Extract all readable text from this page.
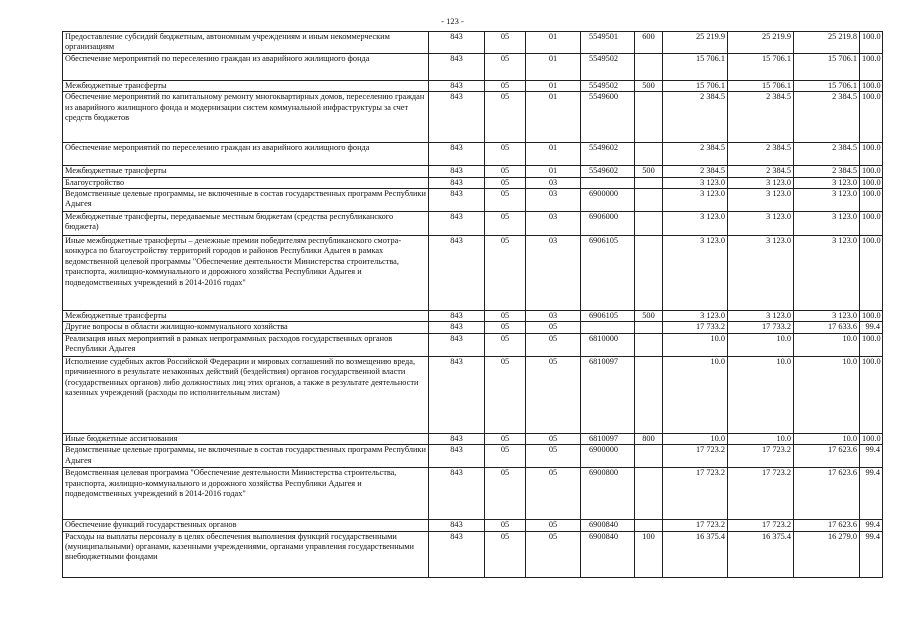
- 123 -
Предоставление субсидий бюджетным, автономным учреждениям и иным некоммерческим организациям	843	05	01	5549501	600	25 219.9	25 219.9	25 219.8	100.0
Обеспечение мероприятий по переселению граждан из аварийного жилищного фонда	843	05	01	5549502		15 706.1	15 706.1	15 706.1	100.0
Межбюджетные трансферты	843	05	01	5549502	500	15 706.1	15 706.1	15 706.1	100.0
Обеспечение мероприятий по капитальному ремонту многоквартирных домов, переселению граждан из аварийного жилищного фонда и модернизации систем коммунальной инфраструктуры за счет средств бюджетов	843	05	01	5549600		2 384.5	2 384.5	2 384.5	100.0
Обеспечение мероприятий по переселению граждан из аварийного жилищного фонда	843	05	01	5549602		2 384.5	2 384.5	2 384.5	100.0
Межбюджетные трансферты	843	05	01	5549602	500	2 384.5	2 384.5	2 384.5	100.0
Благоустройство	843	05	03			3 123.0	3 123.0	3 123.0	100.0
Ведомственные целевые программы, не включенные в состав государственных программ Республики Адыгея	843	05	03	6900000		3 123.0	3 123.0	3 123.0	100.0
Межбюджетные трансферты, передаваемые местным бюджетам (средства республиканского бюджета)	843	05	03	6906000		3 123.0	3 123.0	3 123.0	100.0
Иные межбюджетные трансферты – денежные премии победителям республиканского смотра-конкурса по благоустройству территорий городов и районов Республики Адыгея в рамках ведомственной целевой программы "Обеспечение деятельности Министерства строительства, транспорта, жилищно-коммунального и дорожного хозяйства Республики Адыгея и подведомственных учреждений в 2014-2016 годах"	843	05	03	6906105		3 123.0	3 123.0	3 123.0	100.0
Межбюджетные трансферты	843	05	03	6906105	500	3 123.0	3 123.0	3 123.0	100.0
Другие вопросы в области жилищно-коммунального хозяйства	843	05	05			17 733.2	17 733.2	17 633.6	99.4
Реализация иных мероприятий в рамках непрограммных расходов государственных органов Республики Адыгея	843	05	05	6810000		10.0	10.0	10.0	100.0
Исполнение судебных актов Российской Федерации и мировых соглашений по возмещению вреда, причиненного в результате незаконных действий (бездействия) органов государственной власти (государственных органов) либо должностных лиц этих органов, а также в результате деятельности казенных учреждений (расходы по исполнительным листам)	843	05	05	6810097		10.0	10.0	10.0	100.0
Иные бюджетные ассигнования	843	05	05	6810097	800	10.0	10.0	10.0	100.0
Ведомственные целевые программы, не включенные в состав государственных программ Республики Адыгея	843	05	05	6900000		17 723.2	17 723.2	17 623.6	99.4
Ведомственная целевая программа "Обеспечение деятельности Министерства строительства, транспорта, жилищно-коммунального и дорожного хозяйства Республики Адыгея и подведомственных учреждений в 2014-2016 годах"	843	05	05	6900800		17 723.2	17 723.2	17 623.6	99.4
Обеспечение функций государственных органов	843	05	05	6900840		17 723.2	17 723.2	17 623.6	99.4
Расходы на выплаты персоналу в целях обеспечения выполнения функций государственными (муниципальными) органами, казенными учреждениями, органами управления государственными внебюджетными фондами	843	05	05	6900840	100	16 375.4	16 375.4	16 279.0	99.4
